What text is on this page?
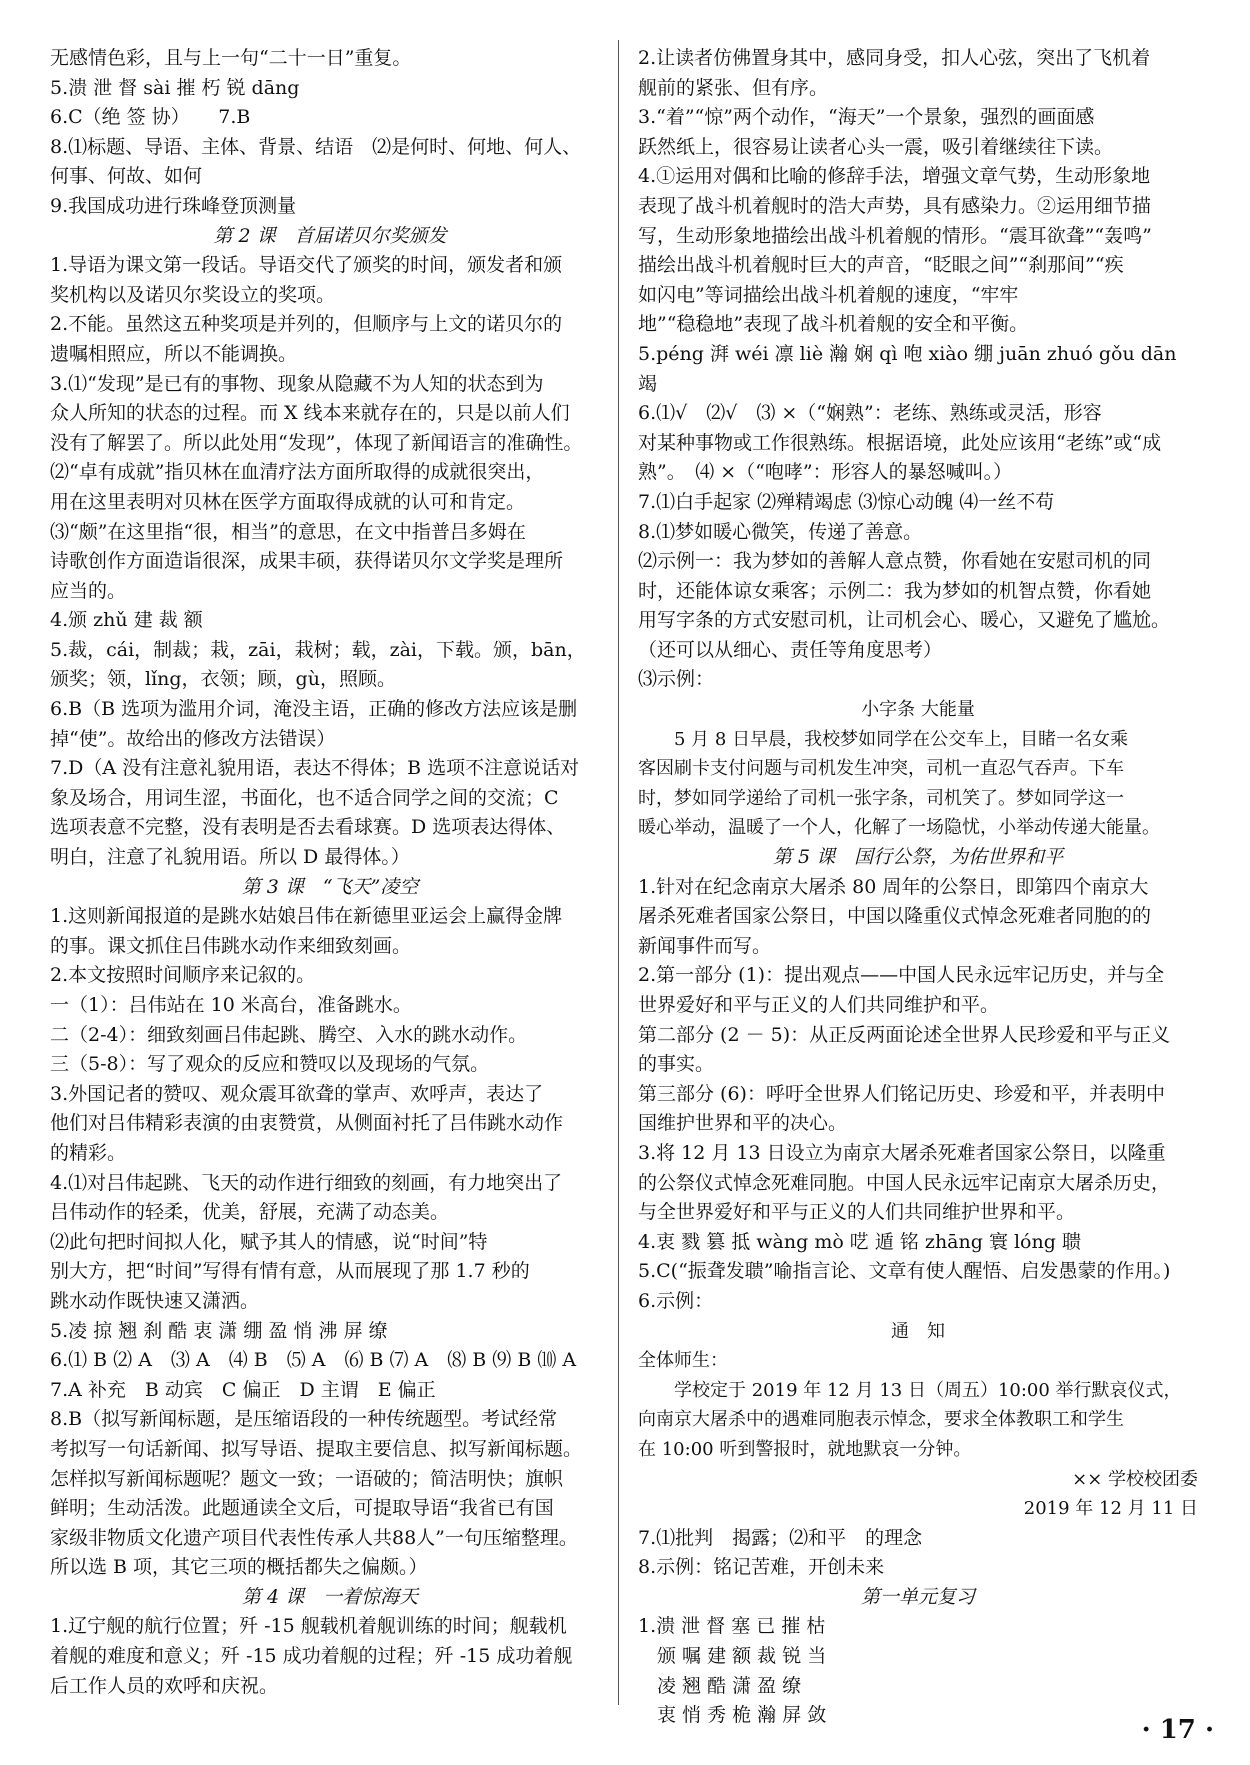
无感情色彩，且与上一句“二十一日”重复。
5.溃 泄 督 sài 摧 朽 锐 dāng
6.C（绝 签 协）　　7.B
8.⑴标题、导语、主体、背景、结语　⑵是何时、何地、何人、
何事、何故、如何
9.我国成功进行珠峰登顶测量
第 2 课　首届诺贝尔奖颁发
1.导语为课文第一段话。导语交代了颁奖的时间，颁发者和颁
奖机构以及诺贝尔奖设立的奖项。
2.不能。虽然这五种奖项是并列的，但顺序与上文的诺贝尔的
遗嘱相照应，所以不能调换。
3.⑴“发现”是已有的事物、现象从隐藏不为人知的状态到为
众人所知的状态的过程。而 X 线本来就存在的，只是以前人们
没有了解罢了。所以此处用“发现”，体现了新闻语言的准确性。
⑵“卓有成就”指贝林在血清疗法方面所取得的成就很突出，
用在这里表明对贝林在医学方面取得成就的认可和肯定。
⑶“颇”在这里指“很，相当”的意思，在文中指普吕多姆在
诗歌创作方面造诣很深，成果丰硕，获得诺贝尔文学奖是理所
应当的。
4.颁 zhǔ 建 裁 额
5.裁，cái，制裁；栽，zāi，栽树；载，zài，下载。颁，bān，
颁奖；领，lǐng，衣领；顾，gù，照顾。
6.B（B 选项为滥用介词，淹没主语，正确的修改方法应该是删
掉“使”。故给出的修改方法错误）
7.D（A 没有注意礼貌用语，表达不得体；B 选项不注意说话对
象及场合，用词生涩，书面化，也不适合同学之间的交流；C
选项表意不完整，没有表明是否去看球赛。D 选项表达得体、
明白，注意了礼貌用语。所以 D 最得体。）
第 3 课　“飞天”凌空
1.这则新闻报道的是跳水姑娘吕伟在新德里亚运会上赢得金牌
的事。课文抓住吕伟跳水动作来细致刻画。
2.本文按照时间顺序来记叙的。
一（1）：吕伟站在 10 米高台，准备跳水。
二（2-4）：细致刻画吕伟起跳、腾空、入水的跳水动作。
三（5-8）：写了观众的反应和赞叹以及现场的气氛。
3.外国记者的赞叹、观众震耳欲聋的掌声、欢呼声，表达了
他们对吕伟精彩表演的由衷赞赏，从侧面衬托了吕伟跳水动作
的精彩。
4.⑴对吕伟起跳、飞天的动作进行细致的刻画，有力地突出了
吕伟动作的轻柔，优美，舒展，充满了动态美。
⑵此句把时间拟人化，赋予其人的情感，说“时间”特
别大方，把“时间”写得有情有意，从而展现了那 1.7 秒的
跳水动作既快速又潇洒。
5.凌 掠 翘 刹 酷 衷 潇 绷 盈 悄 沸 屏 缭
6.⑴ B ⑵ A　⑶ A　⑷ B　⑸ A　⑹ B ⑺ A　⑻ B ⑼ B ⑽ A
7.A 补充　B 动宾　C 偏正　D 主谓　E 偏正
8.B（拟写新闻标题，是压缩语段的一种传统题型。考试经常
考拟写一句话新闻、拟写导语、提取主要信息、拟写新闻标题。
怎样拟写新闻标题呢？题文一致；一语破的；简洁明快；旗帜
鲜明；生动活泼。此题通读全文后，可提取导语“我省已有国
家级非物质文化遗产项目代表性传承人共88人”一句压缩整理。
所以选 B 项，其它三项的概括都失之偏颇。）
第 4 课　一着惊海天
1.辽宁舰的航行位置；歼 -15 舰载机着舰训练的时间；舰载机
着舰的难度和意义；歼 -15 成功着舰的过程；歼 -15 成功着舰
后工作人员的欢呼和庆祝。
2.让读者仿佛置身其中，感同身受，扣人心弦，突出了飞机着
舰前的紧张、但有序。
3.“着”“惊”两个动作，“海天”一个景象，强烈的画面感
跃然纸上，很容易让读者心头一震，吸引着继续往下读。
4.①运用对偶和比喻的修辞手法，增强文章气势，生动形象地
表现了战斗机着舰时的浩大声势，具有感染力。②运用细节描
写，生动形象地描绘出战斗机着舰的情形。“震耳欲聋”“轰鸣”
描绘出战斗机着舰时巨大的声音，“眨眼之间”“刹那间”“疾
如闪电”等词描绘出战斗机着舰的速度，“牢牢
地”“稳稳地”表现了战斗机着舰的安全和平衡。
5.péng 湃 wéi 凛 liè 瀚 娴 qì 咆 xiào 绷 juān zhuó gǒu dān
竭
6.⑴√　⑵√　⑶ ×（“娴熟”：老练、熟练或灵活，形容
对某种事物或工作很熟练。根据语境，此处应该用“老练”或“成
熟”。　⑷ ×（“咆哮”：形容人的暴怒喊叫。）
7.⑴白手起家 ⑵殚精竭虑 ⑶惊心动魄 ⑷一丝不苟
8.⑴梦如暖心微笑，传递了善意。
⑵示例一：我为梦如的善解人意点赞，你看她在安慰司机的同
时，还能体谅女乘客；示例二：我为梦如的机智点赞，你看她
用写字条的方式安慰司机，让司机会心、暖心，又避免了尴尬。
（还可以从细心、责任等角度思考）
⑶示例：
小字条 大能量
　　5 月 8 日早晨，我校梦如同学在公交车上，目睹一名女乘
客因刷卡支付问题与司机发生冲突，司机一直忍气吞声。下车
时，梦如同学递给了司机一张字条，司机笑了。梦如同学这一
暖心举动，温暖了一个人，化解了一场隐忧，小举动传递大能量。
第 5 课　国行公祭，为佑世界和平
1.针对在纪念南京大屠杀 80 周年的公祭日，即第四个南京大
屠杀死难者国家公祭日，中国以隆重仪式悼念死难者同胞的的
新闻事件而写。
2.第一部分 (1)：提出观点——中国人民永远牢记历史，并与全
世界爱好和平与正义的人们共同维护和平。
第二部分 (2 － 5)：从正反两面论述全世界人民珍爱和平与正义
的事实。
第三部分 (6)：呼吁全世界人们铭记历史、珍爱和平，并表明中
国维护世界和平的决心。
3.将 12 月 13 日设立为南京大屠杀死难者国家公祭日，以隆重
的公祭仪式悼念死难同胞。中国人民永远牢记南京大屠杀历史，
与全世界爱好和平与正义的人们共同维护世界和平。
4.衷 戮 篡 抵 wàng mò 呓 遁 铭 zhāng 寰 lóng 聩
5.C(“振聋发聩”喻指言论、文章有使人醒悟、启发愚蒙的作用。)
6.示例：
通　知
全体师生：
　　学校定于 2019 年 12 月 13 日（周五）10:00 举行默哀仪式，
向南京大屠杀中的遇难同胞表示悼念，要求全体教职工和学生
在 10:00 听到警报时，就地默哀一分钟。
×× 学校校团委
2019 年 12 月 11 日
7.⑴批判　揭露；⑵和平　的理念
8.示例：铭记苦难，开创未来
第一单元复习
1.溃 泄 督 塞 已 摧 枯
　颁 嘱 建 额 裁 锐 当
　凌 翘 酷 潇 盈 缭
　衷 悄 秀 桅 瀚 屏 敛	· 17 ·
